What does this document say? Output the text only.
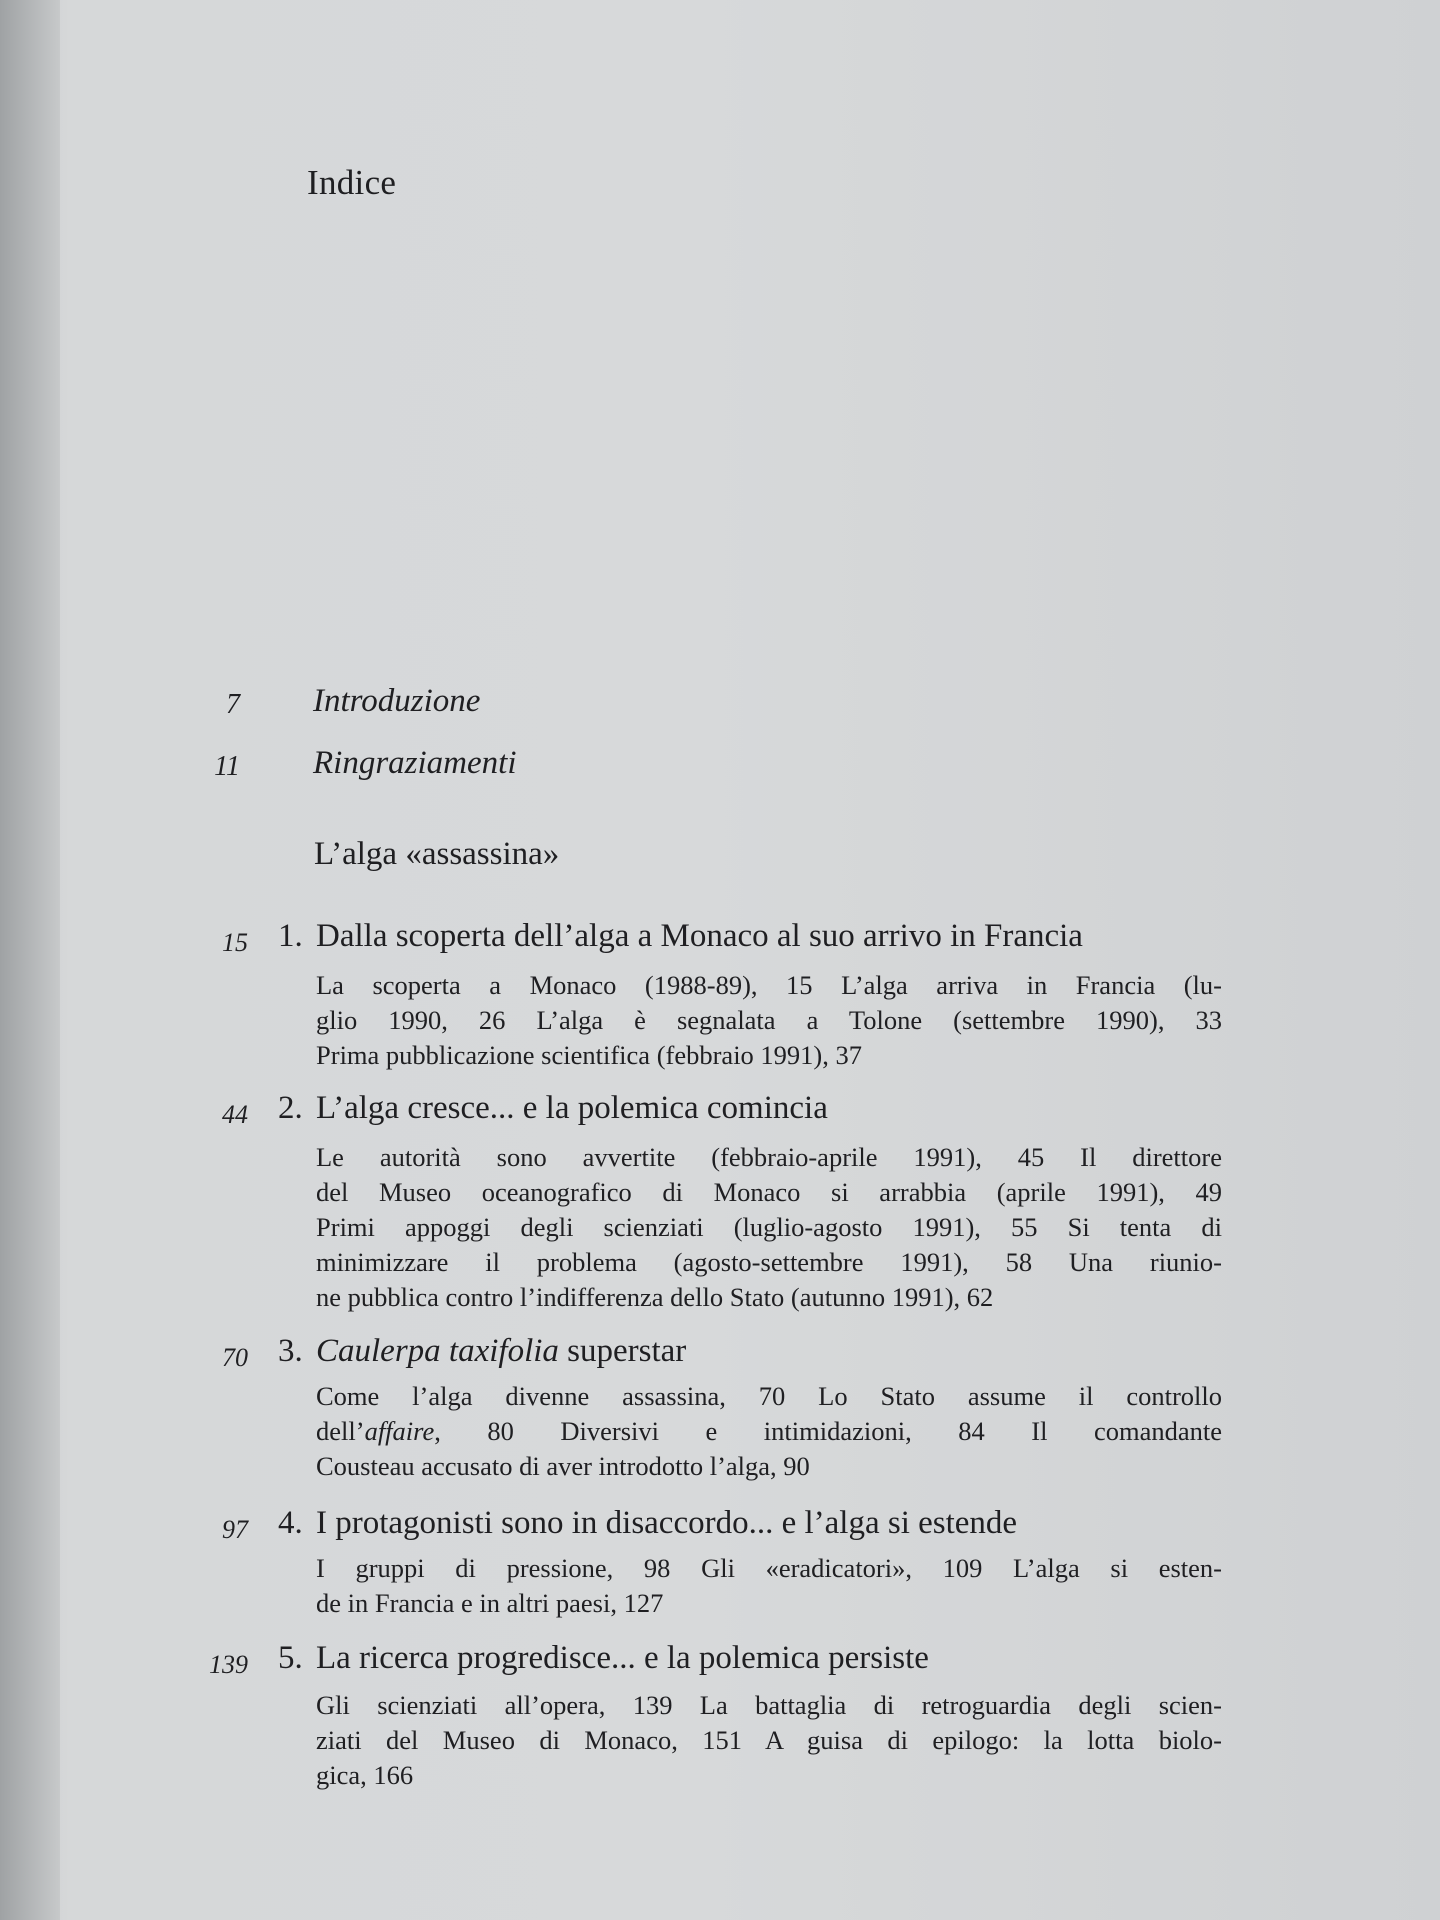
Indice
7 Introduzione
11 Ringraziamenti
L’alga «assassina»
15 1. Dalla scoperta dell’alga a Monaco al suo arrivo in Francia
La scoperta a Monaco (1988-89), 15 L’alga arriva in Francia (lu-
glio 1990, 26 L’alga è segnalata a Tolone (settembre 1990), 33
Prima pubblicazione scientifica (febbraio 1991), 37
44 2. L’alga cresce... e la polemica comincia
Le autorità sono avvertite (febbraio-aprile 1991), 45 Il direttore
del Museo oceanografico di Monaco si arrabbia (aprile 1991), 49
Primi appoggi degli scienziati (luglio-agosto 1991), 55 Si tenta di
minimizzare il problema (agosto-settembre 1991), 58 Una riunio-
ne pubblica contro l’indifferenza dello Stato (autunno 1991), 62
70 3. Caulerpa taxifolia superstar
Come l’alga divenne assassina, 70 Lo Stato assume il controllo
dell’affaire, 80 Diversivi e intimidazioni, 84 Il comandante
Cousteau accusato di aver introdotto l’alga, 90
97 4. I protagonisti sono in disaccordo... e l’alga si estende
I gruppi di pressione, 98 Gli «eradicatori», 109 L’alga si esten-
de in Francia e in altri paesi, 127
139 5. La ricerca progredisce... e la polemica persiste
Gli scienziati all’opera, 139 La battaglia di retroguardia degli scien-
ziati del Museo di Monaco, 151 A guisa di epilogo: la lotta biolo-
gica, 166
